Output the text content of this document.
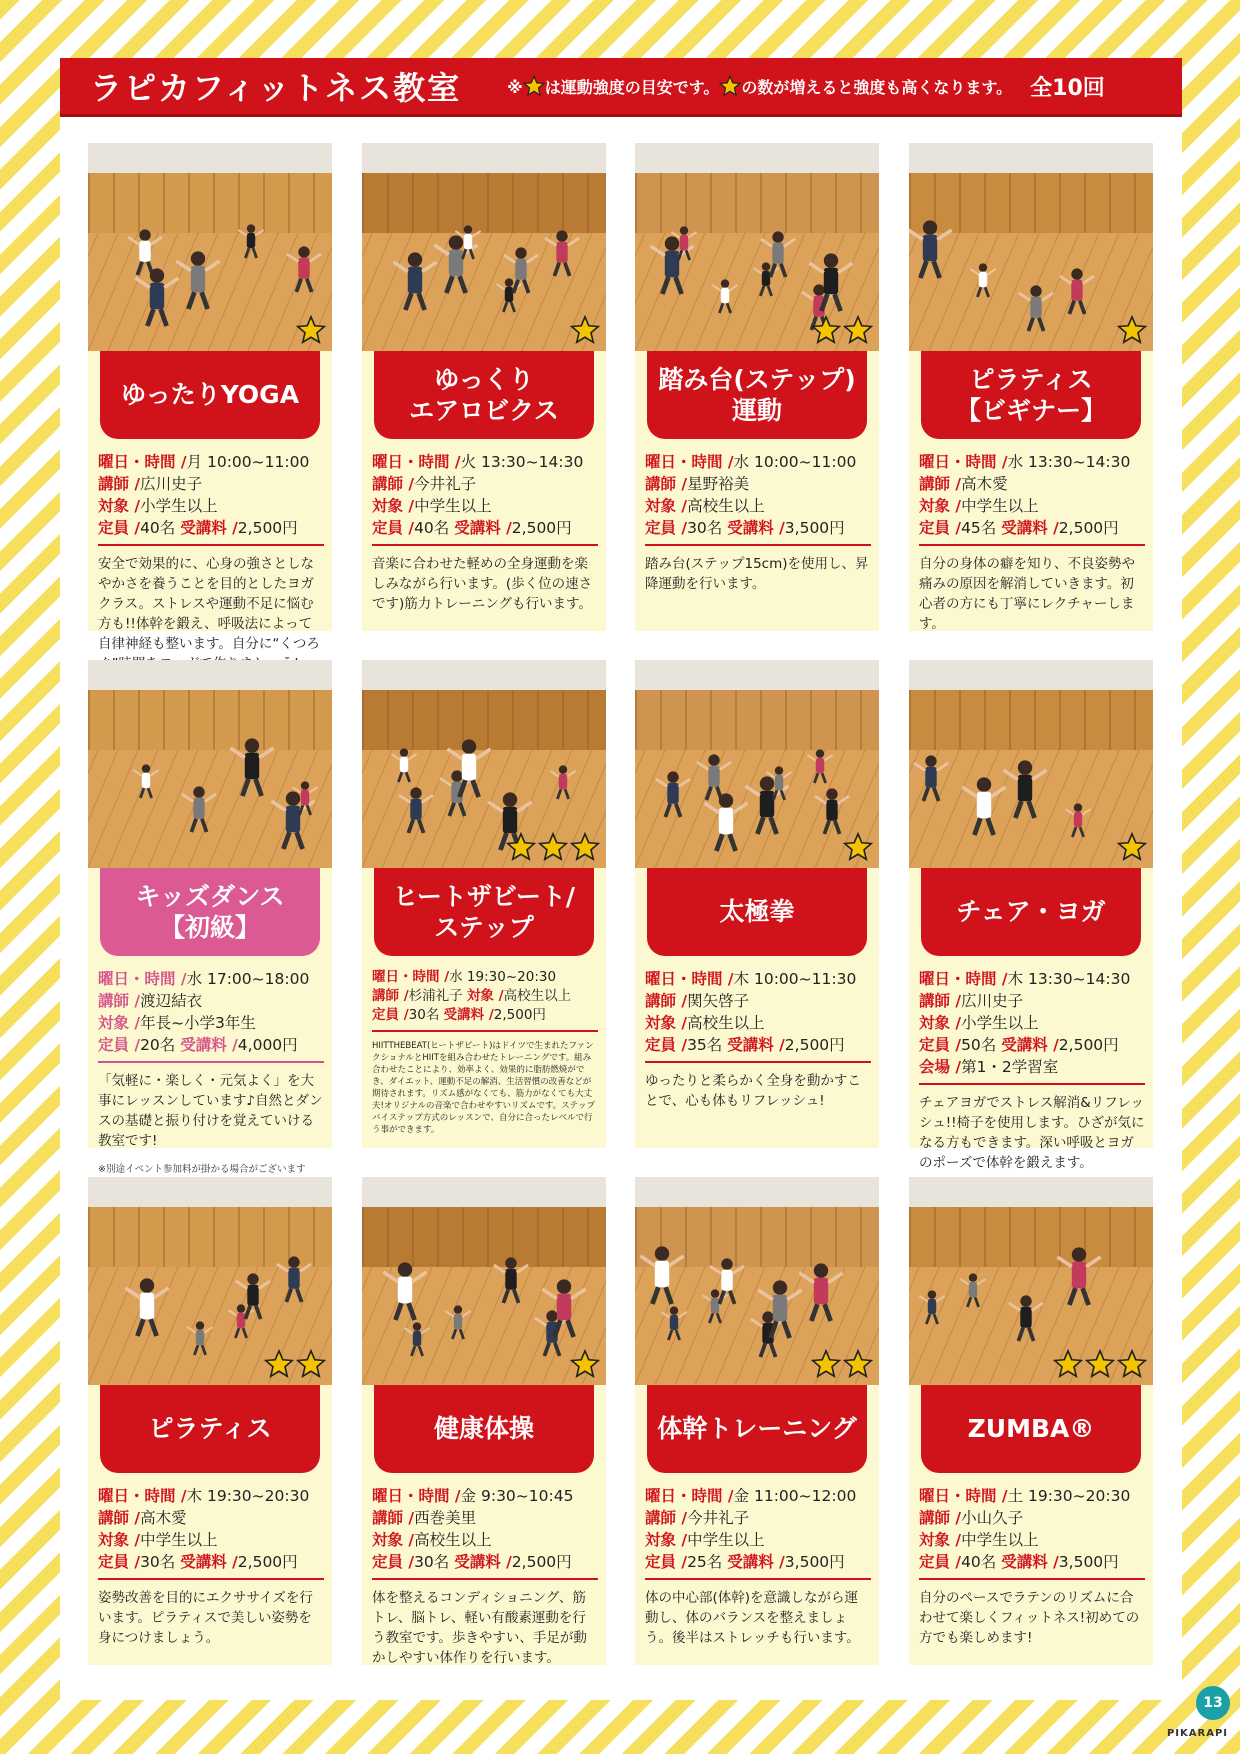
ラピカフィットネス教室	※ は運動強度の目安です。 の数が増えると強度も高くなります。 全10回
ゆったりYOGA
曜日・時間 /月 10:00~11:00
講師 /広川史子
対象 /小学生以上
定員 /40名 受講料 /2,500円
安全で効果的に、心身の強さとしなやかさを養うことを目的としたヨガクラス。ストレスや運動不足に悩む方も!!体幹を鍛え、呼吸法によって自律神経も整います。自分に“くつろ
ゆっくり
エアロビクス
曜日・時間 /火 13:30~14:30
講師 /今井礼子
対象 /中学生以上
定員 /40名 受講料 /2,500円
音楽に合わせた軽めの全身運動を楽しみながら行います。(歩く位の速さです)筋力トレーニングも行います。
踏み台(ステップ)
運動
曜日・時間 /水 10:00~11:00
講師 /星野裕美
対象 /高校生以上
定員 /30名 受講料 /3,500円
踏み台(ステップ15cm)を使用し、昇降運動を行います。
ピラティス
【ビギナー】
曜日・時間 /水 13:30~14:30
講師 /高木愛
対象 /中学生以上
定員 /45名 受講料 /2,500円
自分の身体の癖を知り、不良姿勢や痛みの原因を解消していきます。初心者の方にも丁寧にレクチャーします。
キッズダンス
【初級】
曜日・時間 /水 17:00~18:00
講師 /渡辺結衣
対象 /年長~小学3年生
定員 /20名 受講料 /4,000円
「気軽に・楽しく・元気よく」を大事にレッスンしています♪自然とダンスの基礎と振り付けを覚えていける教室です!
※別途イベント参加料が掛かる場合がございます
ヒートザビート/
ステップ
曜日・時間 /水 19:30~20:30
講師 /杉浦礼子 対象 /高校生以上
定員 /30名 受講料 /2,500円
HIITTHEBEAT(ヒートザビート)はドイツで生まれたファンクショナルとHIITを組み合わせたトレーニングです。組み合わせたことにより、効率よく、効果的に脂肪燃焼ができ、ダイエット、運動不足の解消、生活習慣の改善などが期待されます。リズム感がなくても、筋力がなくても大丈夫!オリジナルの音楽で合わせやすいリズムです。ステップバイステップ方式のレッスンで、自分に合ったレベルで行う事ができます。
太極拳
曜日・時間 /木 10:00~11:30
講師 /関矢啓子
対象 /高校生以上
定員 /35名 受講料 /2,500円
ゆったりと柔らかく全身を動かすことで、心も体もリフレッシュ!
チェア・ヨガ
曜日・時間 /木 13:30~14:30
講師 /広川史子
対象 /小学生以上
定員 /50名 受講料 /2,500円
会場 /第1・2学習室
チェアヨガでストレス解消&リフレッシュ!!椅子を使用します。ひざが気になる方もできます。深い呼吸とヨガのポーズで体幹を鍛えます。
ピラティス
曜日・時間 /木 19:30~20:30
講師 /高木愛
対象 /中学生以上
定員 /30名 受講料 /2,500円
姿勢改善を目的にエクササイズを行います。ピラティスで美しい姿勢を身につけましょう。
健康体操
曜日・時間 /金 9:30~10:45
講師 /西巻美里
対象 /高校生以上
定員 /30名 受講料 /2,500円
体を整えるコンディショニング、筋トレ、脳トレ、軽い有酸素運動を行う教室です。歩きやすい、手足が動かしやすい体作りを行います。
体幹トレーニング
曜日・時間 /金 11:00~12:00
講師 /今井礼子
対象 /中学生以上
定員 /25名 受講料 /3,500円
体の中心部(体幹)を意識しながら運動し、体のバランスを整えましょう。後半はストレッチも行います。
ZUMBA®
曜日・時間 /土 19:30~20:30
講師 /小山久子
対象 /中学生以上
定員 /40名 受講料 /3,500円
自分のペースでラテンのリズムに合わせて楽しくフィットネス!初めての方でも楽しめます!
13
PIKARAPI
